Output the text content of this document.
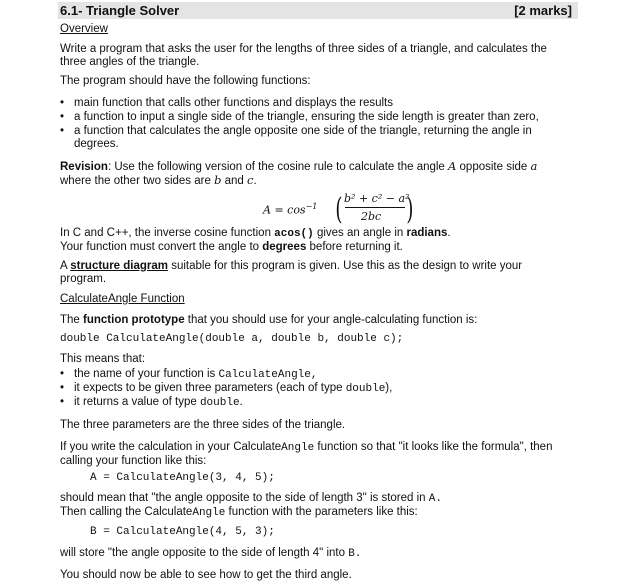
6.1- Triangle Solver	[2 marks]
Overview
Write a program that asks the user for the lengths of three sides of a triangle, and calculates the three angles of the triangle.
The program should have the following functions:
• main function that calls other functions and displays the results
• a function to input a single side of the triangle, ensuring the side length is greater than zero,
• a function that calculates the angle opposite one side of the triangle, returning the angle in degrees.
Revision: Use the following version of the cosine rule to calculate the angle A opposite side a where the other two sides are b and c.
$A = \cos^{-1}$ ( b² + c² − a²
2bc )
In C and C++, the inverse cosine function acos() gives an angle in radians.
Your function must convert the angle to degrees before returning it.
A structure diagram suitable for this program is given. Use this as the design to write your program.
CalculateAngle Function
The function prototype that you should use for your angle-calculating function is:
double CalculateAngle(double a, double b, double c);
This means that:
• the name of your function is CalculateAngle,
• it expects to be given three parameters (each of type double),
• it returns a value of type double.
The three parameters are the three sides of the triangle.
If you write the calculation in your CalculateAngle function so that "it looks like the formula", then calling your function like this:
A = CalculateAngle(3, 4, 5);
should mean that "the angle opposite to the side of length 3" is stored in A.
Then calling the CalculateAngle function with the parameters like this:
B = CalculateAngle(4, 5, 3);
will store "the angle opposite to the side of length 4" into B.
You should now be able to see how to get the third angle.
